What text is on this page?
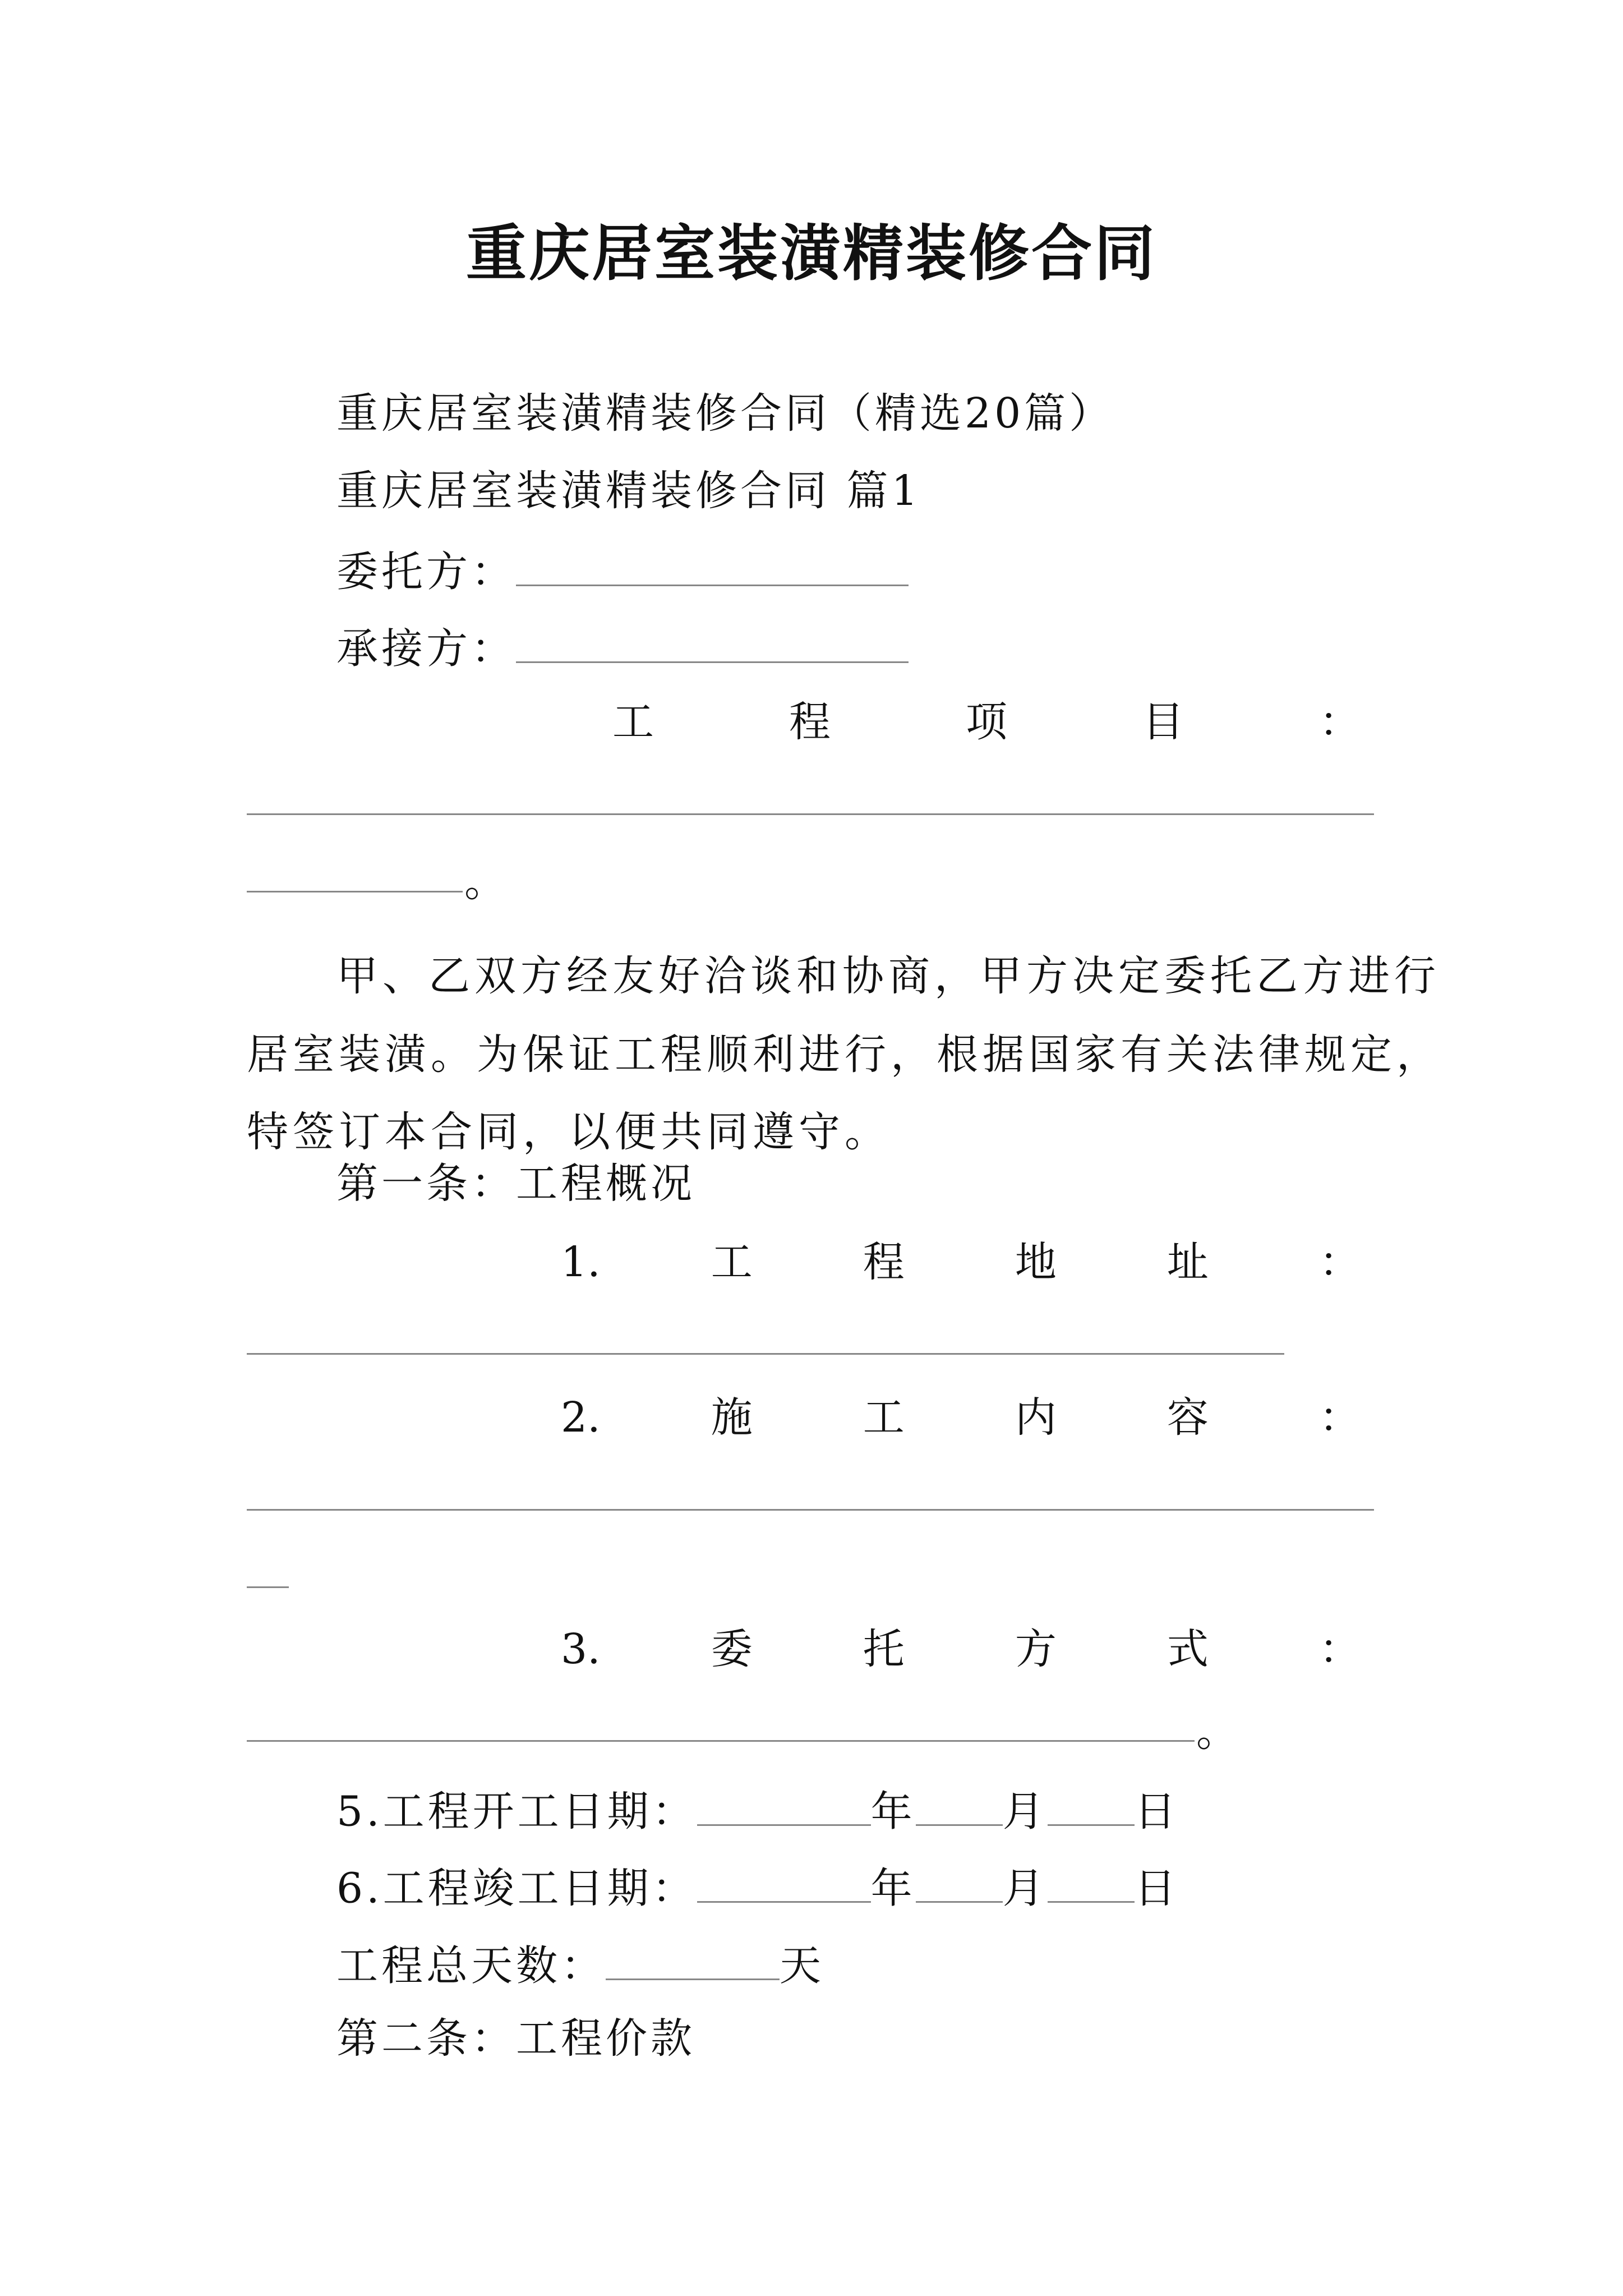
重庆居室装潢精装修合同
重庆居室装潢精装修合同（精选20篇）
重庆居室装潢精装修合同 篇1
委托方：
承接方：
工	程	项	目	：
。
甲、乙双方经友好洽谈和协商，甲方决定委托乙方进行
居室装潢。为保证工程顺利进行，根据国家有关法律规定，
特签订本合同，以便共同遵守。
第一条：工程概况
1.	工	程	地	址	：
2.	施	工	内	容	：
3.	委	托	方	式	：
。
5.工程开工日期：	年 月 日
6.工程竣工日期：	年 月 日
工程总天数：	天
第二条：工程价款
